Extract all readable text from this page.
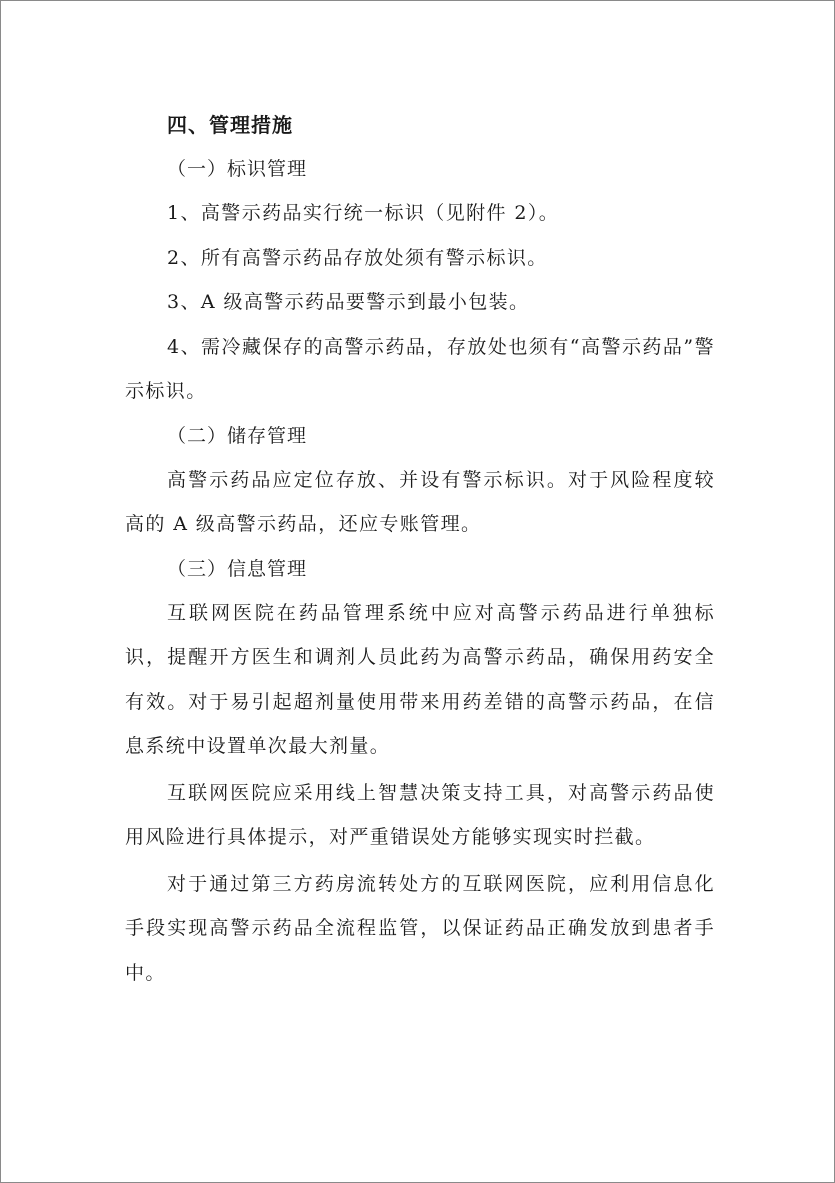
四、管理措施

（一）标识管理

1、高警示药品实行统一标识（见附件 2）。

2、所有高警示药品存放处须有警示标识。

3、A 级高警示药品要警示到最小包装。

4、需冷藏保存的高警示药品，存放处也须有“高警示药品”警示标识。

（二）储存管理

高警示药品应定位存放、并设有警示标识。对于风险程度较高的 A 级高警示药品，还应专账管理。

（三）信息管理

互联网医院在药品管理系统中应对高警示药品进行单独标识，提醒开方医生和调剂人员此药为高警示药品，确保用药安全有效。对于易引起超剂量使用带来用药差错的高警示药品，在信息系统中设置单次最大剂量。

互联网医院应采用线上智慧决策支持工具，对高警示药品使用风险进行具体提示，对严重错误处方能够实现实时拦截。

对于通过第三方药房流转处方的互联网医院，应利用信息化手段实现高警示药品全流程监管，以保证药品正确发放到患者手中。
